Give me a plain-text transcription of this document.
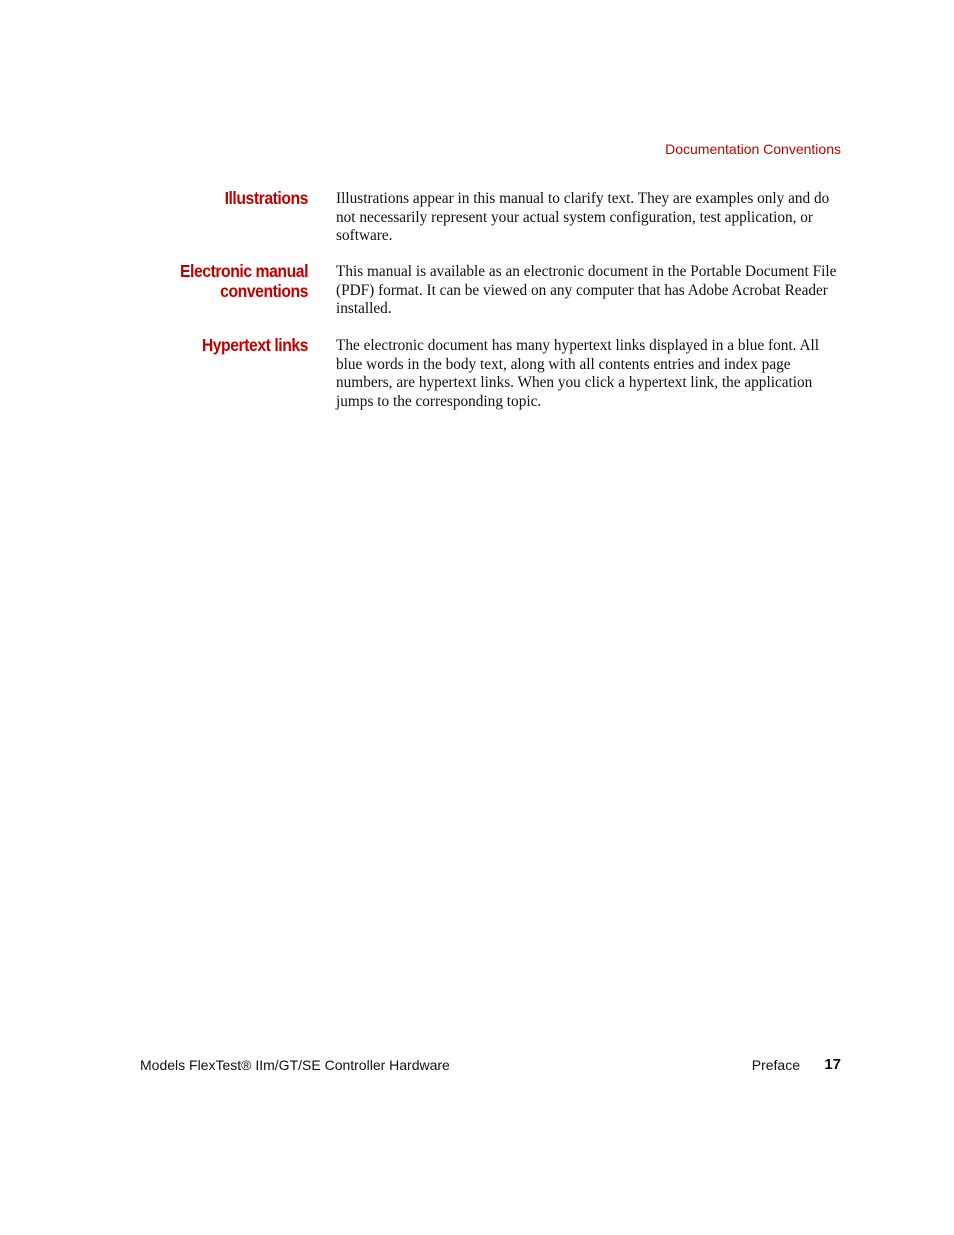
Documentation Conventions
Illustrations Illustrations appear in this manual to clarify text. They are examples only and do not necessarily represent your actual system configuration, test application, or software.

Electronic manual
conventions

This manual is available as an electronic document in the Portable Document File (PDF) format. It can be viewed on any computer that has Adobe Acrobat Reader installed.

Hypertext links The electronic document has many hypertext links displayed in a blue font. All blue words in the body text, along with all contents entries and index page numbers, are hypertext links. When you click a hypertext link, the application jumps to the corresponding topic.

Models FlexTest® IIm/GT/SE Controller Hardware	Preface 17
